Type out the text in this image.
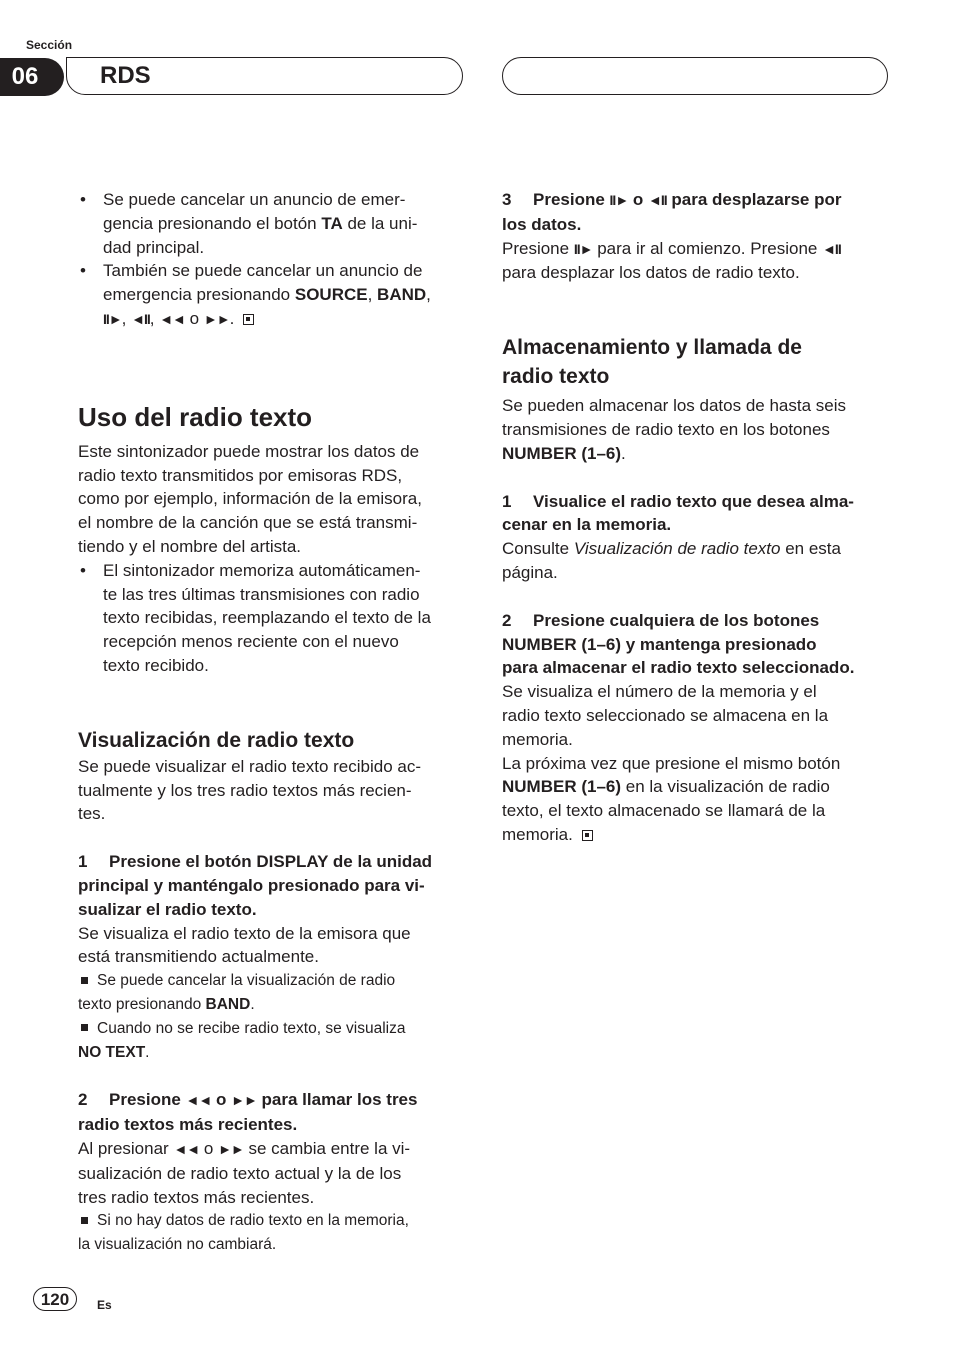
Sección
06	RDS

• Se puede cancelar un anuncio de emer-

gencia presionando el botón TA de la uni-

dad principal.

• También se puede cancelar un anuncio de

emergencia presionando SOURCE, BAND,

II►, ◄II, ◄◄ o ►►.

Uso del radio texto

Este sintonizador puede mostrar los datos de

radio texto transmitidos por emisoras RDS,

como por ejemplo, información de la emisora,

el nombre de la canción que se está transmi-

tiendo y el nombre del artista.

• El sintonizador memoriza automáticamen-

te las tres últimas transmisiones con radio

texto recibidas, reemplazando el texto de la

recepción menos reciente con el nuevo

texto recibido.

Visualización de radio texto

Se puede visualizar el radio texto recibido ac-

tualmente y los tres radio textos más recien-

tes.

1 Presione el botón DISPLAY de la unidad

principal y manténgalo presionado para vi-

sualizar el radio texto.

Se visualiza el radio texto de la emisora que

está transmitiendo actualmente.

Se puede cancelar la visualización de radio

texto presionando BAND.

Cuando no se recibe radio texto, se visualiza

NO TEXT.

2 Presione ◄◄ o ►► para llamar los tres

radio textos más recientes.

Al presionar ◄◄ o ►► se cambia entre la vi-

sualización de radio texto actual y la de los

tres radio textos más recientes.

Si no hay datos de radio texto en la memoria,

la visualización no cambiará.

3 Presione II► o ◄II para desplazarse por

los datos.

Presione II► para ir al comienzo. Presione ◄II

para desplazar los datos de radio texto.

Almacenamiento y llamada de
radio texto

Se pueden almacenar los datos de hasta seis

transmisiones de radio texto en los botones

NUMBER (1–6).

1 Visualice el radio texto que desea alma-

cenar en la memoria.

Consulte Visualización de radio texto en esta

página.

2 Presione cualquiera de los botones

NUMBER (1–6) y mantenga presionado

para almacenar el radio texto seleccionado.

Se visualiza el número de la memoria y el

radio texto seleccionado se almacena en la

memoria.

La próxima vez que presione el mismo botón

NUMBER (1–6) en la visualización de radio

texto, el texto almacenado se llamará de la

memoria.

120	Es
